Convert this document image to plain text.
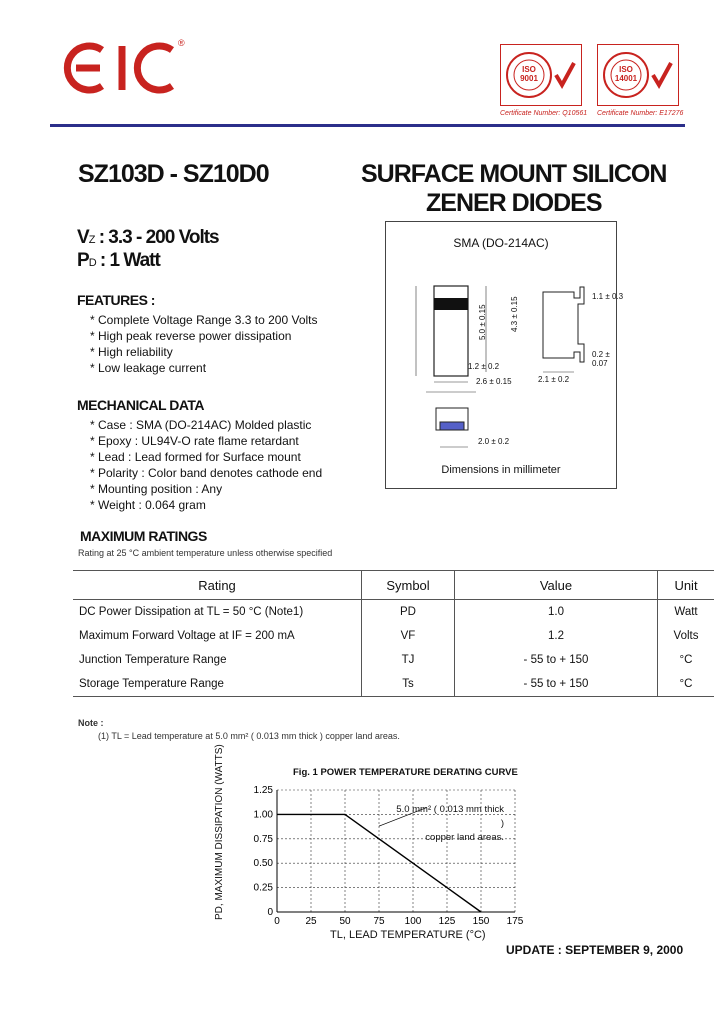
®
ISO
9001
Certificate Number: Q10561
ISO
14001
Certificate Number: E17276
SZ103D - SZ10D0	SURFACE MOUNT SILICON
ZENER DIODES
VZ : 3.3 - 200 Volts
PD : 1 Watt
FEATURES :
* Complete Voltage Range 3.3 to 200 Volts
* High peak reverse power dissipation
* High reliability
* Low leakage current
MECHANICAL DATA
* Case : SMA (DO-214AC) Molded plastic
* Epoxy : UL94V-O rate flame retardant
* Lead : Lead formed for Surface mount
* Polarity : Color band denotes cathode end
* Mounting position : Any
* Weight : 0.064 gram
SMA (DO-214AC)
4.3 ± 0.15
1.2 ± 0.2
2.6 ± 0.15
5.0 ± 0.15
1.1 ± 0.3
0.2 ± 0.07
2.1 ± 0.2
2.0 ± 0.2
Dimensions in millimeter
MAXIMUM RATINGS
Rating at 25 °C ambient temperature unless otherwise specified
Rating	Symbol	Value	Unit
DC Power Dissipation at TL = 50 °C (Note1)	PD	1.0	Watt
Maximum Forward Voltage at IF = 200 mA	VF	1.2	Volts
Junction Temperature Range	TJ	- 55 to + 150	°C
Storage Temperature Range	Ts	- 55 to + 150	°C
Note :
(1) TL = Lead temperature at 5.0 mm² ( 0.013 mm thick ) copper land areas.
Fig. 1 POWER TEMPERATURE DERATING CURVE
0	25 50 75 100 125 150 175
0
0.25
0.50
0.75
1.00
1.25
TL, LEAD TEMPERATURE (°C)
PD, MAXIMUM DISSIPATION (WATTS)	5.0 mm² ( 0.013 mm thick )
copper land areas.
UPDATE : SEPTEMBER 9, 2000
